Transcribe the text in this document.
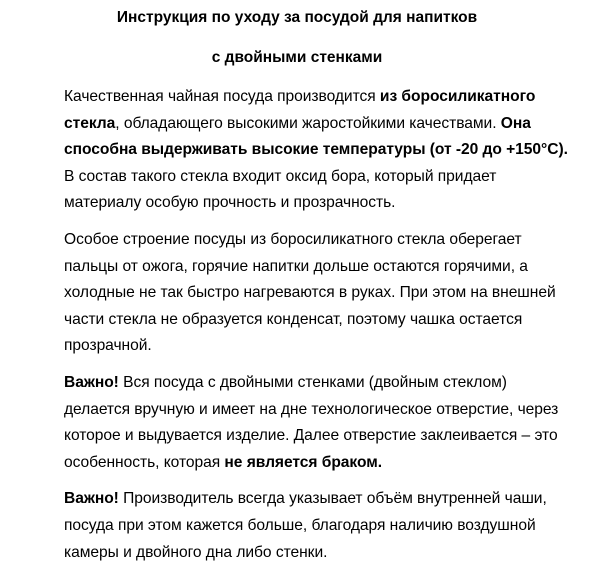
Инструкция по уходу за посудой для напитков

с двойными стенками

Качественная чайная посуда производится из боросиликатного стекла, обладающего высокими жаростойкими качествами. Она способна выдерживать высокие температуры (от -20 до +150°C). В состав такого стекла входит оксид бора, который придает материалу особую прочность и прозрачность.

Особое строение посуды из боросиликатного стекла оберегает пальцы от ожога, горячие напитки дольше остаются горячими, а холодные не так быстро нагреваются в руках. При этом на внешней части стекла не образуется конденсат, поэтому чашка остается прозрачной.

Важно! Вся посуда с двойными стенками (двойным стеклом) делается вручную и имеет на дне технологическое отверстие, через которое и выдувается изделие. Далее отверстие заклеивается – это особенность, которая не является браком.

Важно! Производитель всегда указывает объём внутренней чаши, посуда при этом кажется больше, благодаря наличию воздушной камеры и двойного дна либо стенки.
